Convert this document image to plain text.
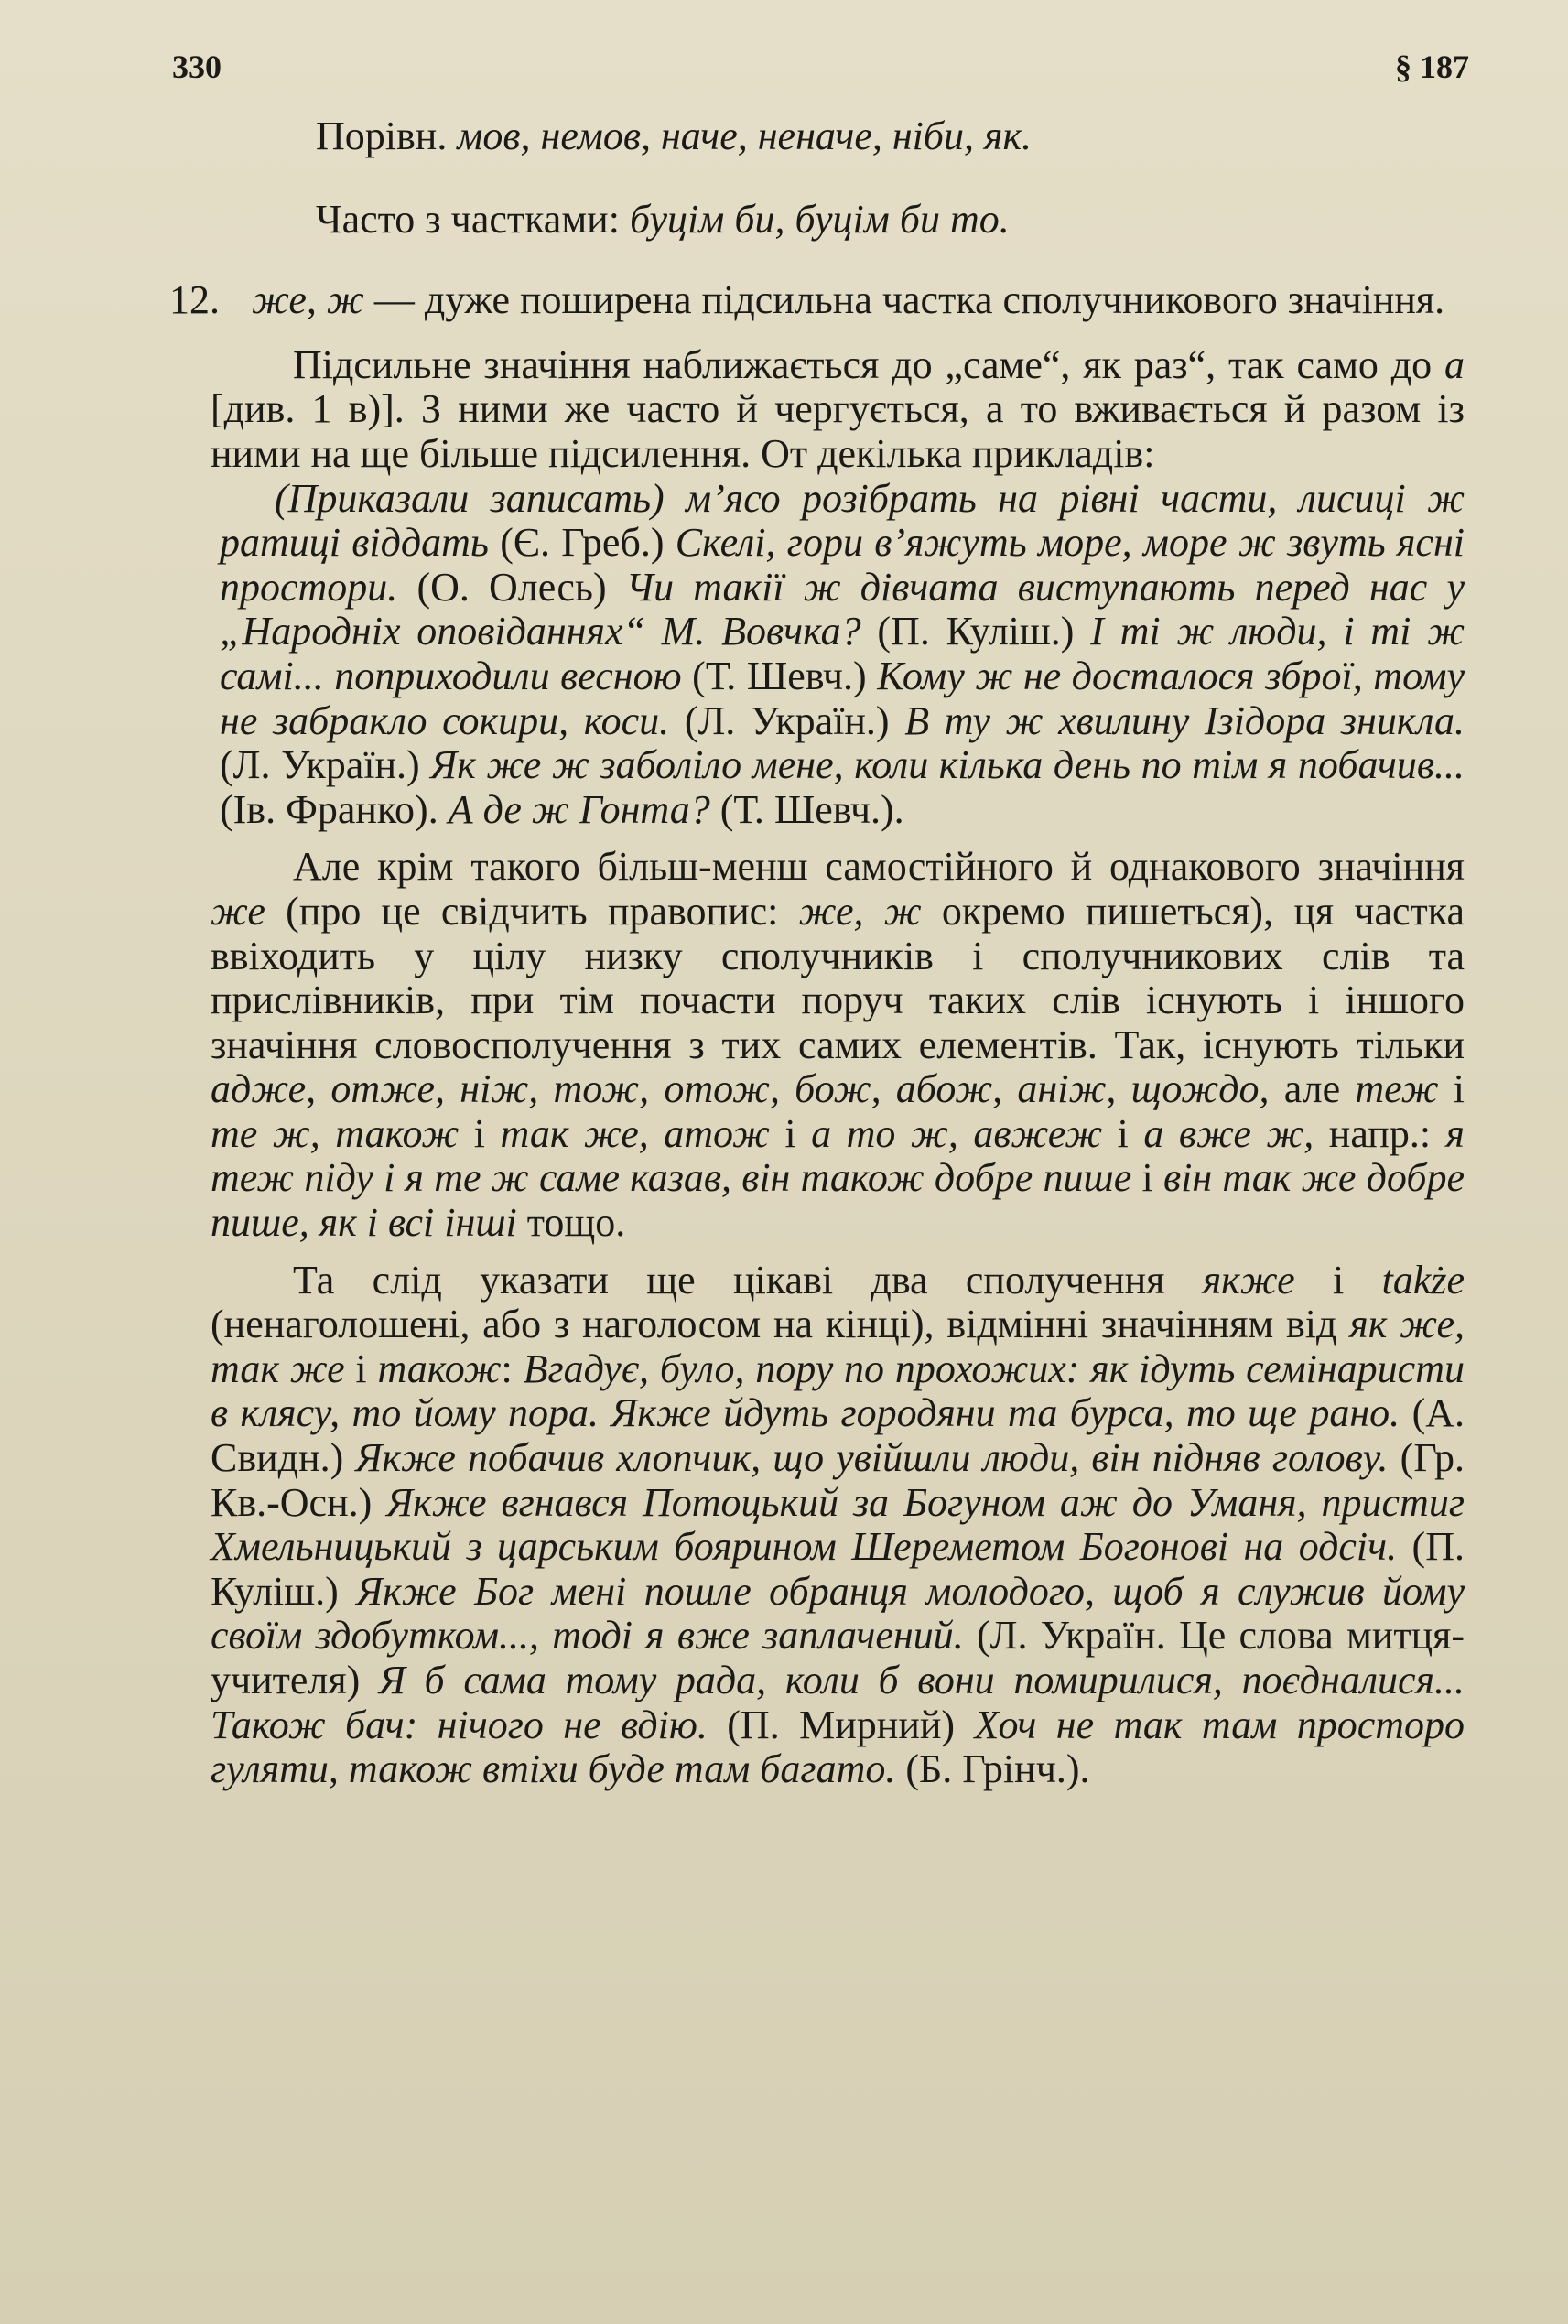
330	§ 187

Порівн. мов, немов, наче, неначе, ніби, як.

Часто з частками: буцім би, буцім би то.

12. же, ж — дуже поширена підсильна частка сполучникового значіння.

Підсильне значіння наближається до „саме“, як раз“, так само до а [див. 1 в)]. З ними же часто й чергується, а то вживається й разом із ними на ще більше підсилення. От декілька прикладів:

(Приказали записать) м’ясо розібрать на рівні части, лисиці ж ратиці віддать (Є. Греб.) Скелі, гори в’яжуть море, море ж звуть ясні простори. (О. Олесь) Чи такії ж дівчата виступають перед нас у „Народніх оповіданнях“ М. Вовчка? (П. Куліш.) І ті ж люди, і ті ж самі... поприходили весною (Т. Шевч.) Кому ж не досталося зброї, тому не забракло сокири, коси. (Л. Україн.) В ту ж хвилину Ізідора зникла. (Л. Україн.) Як же ж заболіло мене, коли кілька день по тім я побачив... (Ів. Франко). А де ж Гонта? (Т. Шевч.).

Але крім такого більш-менш самостійного й однакового значіння же (про це свідчить правопис: же, ж окремо пишеться), ця частка ввіходить у цілу низку сполучників і сполучникових слів та прислівників, при тім почасти поруч таких слів існують і іншого значіння словосполучення з тих самих елементів. Так, існують тільки адже, отже, ніж, тож, отож, бож, абож, аніж, щождо, але теж і те ж, також і так же, атож і а то ж, авжеж і а вже ж, напр.: я теж піду і я те ж саме казав, він також добре пише і він так же добре пише, як і всі інші тощо.

Та слід указати ще цікаві два сполучення якже і także (ненаголошені, або з наголосом на кінці), відмінні значінням від як же, так же і також: Вгадує, було, пору по прохожих: як ідуть семінаристи в клясу, то йому пора. Якже йдуть городяни та бурса, то ще рано. (А. Свидн.) Якже побачив хлопчик, що увійшли люди, він підняв голову. (Гр. Кв.-Осн.) Якже вгнався Потоцький за Богуном аж до Уманя, пристиг Хмельницький з царським боярином Шереметом Богонові на одсіч. (П. Куліш.) Якже Бог мені пошле обранця молодого, щоб я служив йому своїм здобутком..., тоді я вже заплачений. (Л. Україн. Це слова митця-учителя) Я б сама тому рада, коли б вони помирилися, поєдналися... Також бач: нічого не вдію. (П. Мирний) Хоч не так там просторо гуляти, також втіхи буде там багато. (Б. Грінч.).
